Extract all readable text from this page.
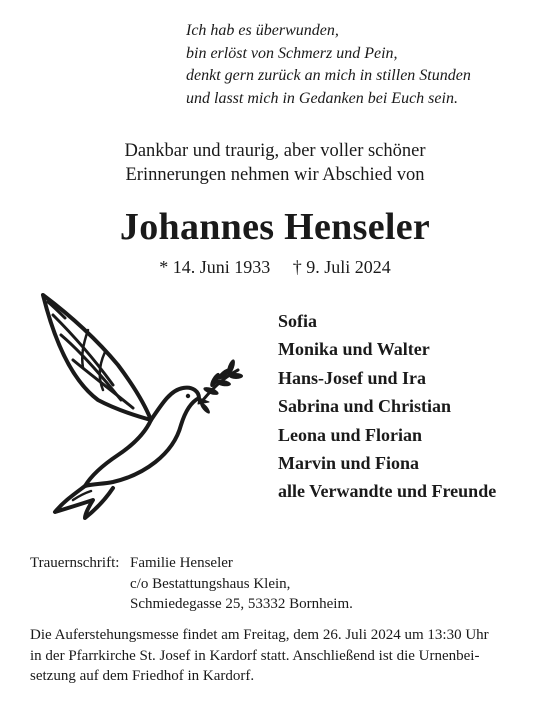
Ich hab es überwunden,
bin erlöst von Schmerz und Pein,
denkt gern zurück an mich in stillen Stunden
und lasst mich in Gedanken bei Euch sein.
Dankbar und traurig, aber voller schöner
Erinnerungen nehmen wir Abschied von
Johannes Henseler
* 14. Juni 1933 † 9. Juli 2024
Sofia
Monika und Walter
Hans-Josef und Ira
Sabrina und Christian
Leona und Florian
Marvin und Fiona
alle Verwandte und Freunde
Trauernschrift: Familie Henseler
c/o Bestattungshaus Klein,
Schmiedegasse 25, 53332 Bornheim.
Die Auferstehungsmesse findet am Freitag, dem 26. Juli 2024 um 13:30 Uhr
in der Pfarrkirche St. Josef in Kardorf statt. Anschließend ist die Urnenbei-
setzung auf dem Friedhof in Kardorf.
